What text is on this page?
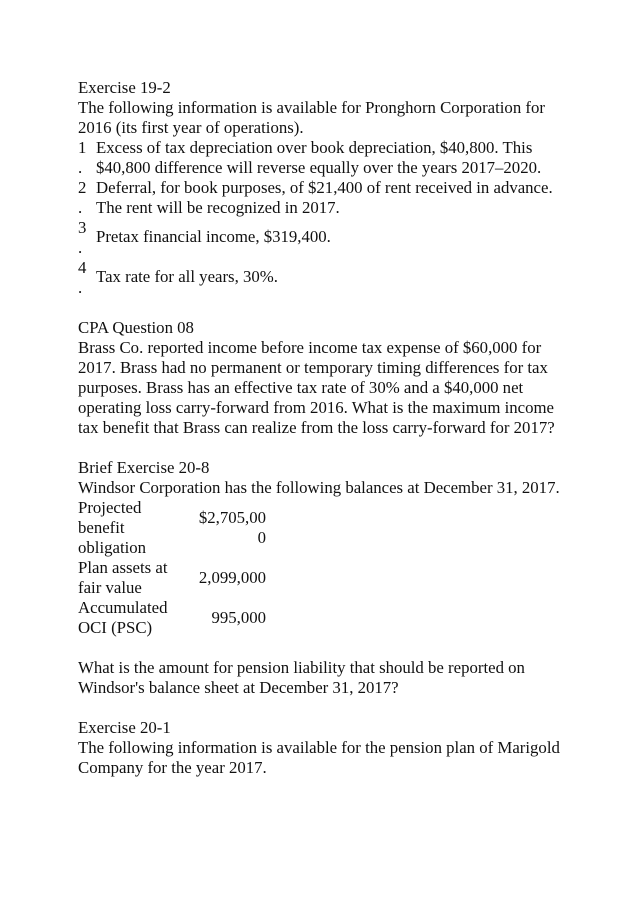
Exercise 19-2

The following information is available for Pronghorn Corporation for 2016 (its first year of operations).

1
.
Excess of tax depreciation over book depreciation, $40,800. This $40,800 difference will reverse equally over the years 2017–2020.
2
.
Deferral, for book purposes, of $21,400 of rent received in advance. The rent will be recognized in 2017.
3
.
Pretax financial income, $319,400.
4
.
Tax rate for all years, 30%.

CPA Question 08

Brass Co. reported income before income tax expense of $60,000 for 2017. Brass had no permanent or temporary timing differences for tax purposes. Brass has an effective tax rate of 30% and a $40,000 net operating loss carry-forward from 2016. What is the maximum income tax benefit that Brass can realize from the loss carry-forward for 2017?

Brief Exercise 20-8

Windsor Corporation has the following balances at December 31, 2017.

Projected benefit obligation	$2,705,000
Plan assets at fair value	2,099,000
Accumulated OCI (PSC)	995,000

What is the amount for pension liability that should be reported on Windsor's balance sheet at December 31, 2017?

Exercise 20-1

The following information is available for the pension plan of Marigold Company for the year 2017.
